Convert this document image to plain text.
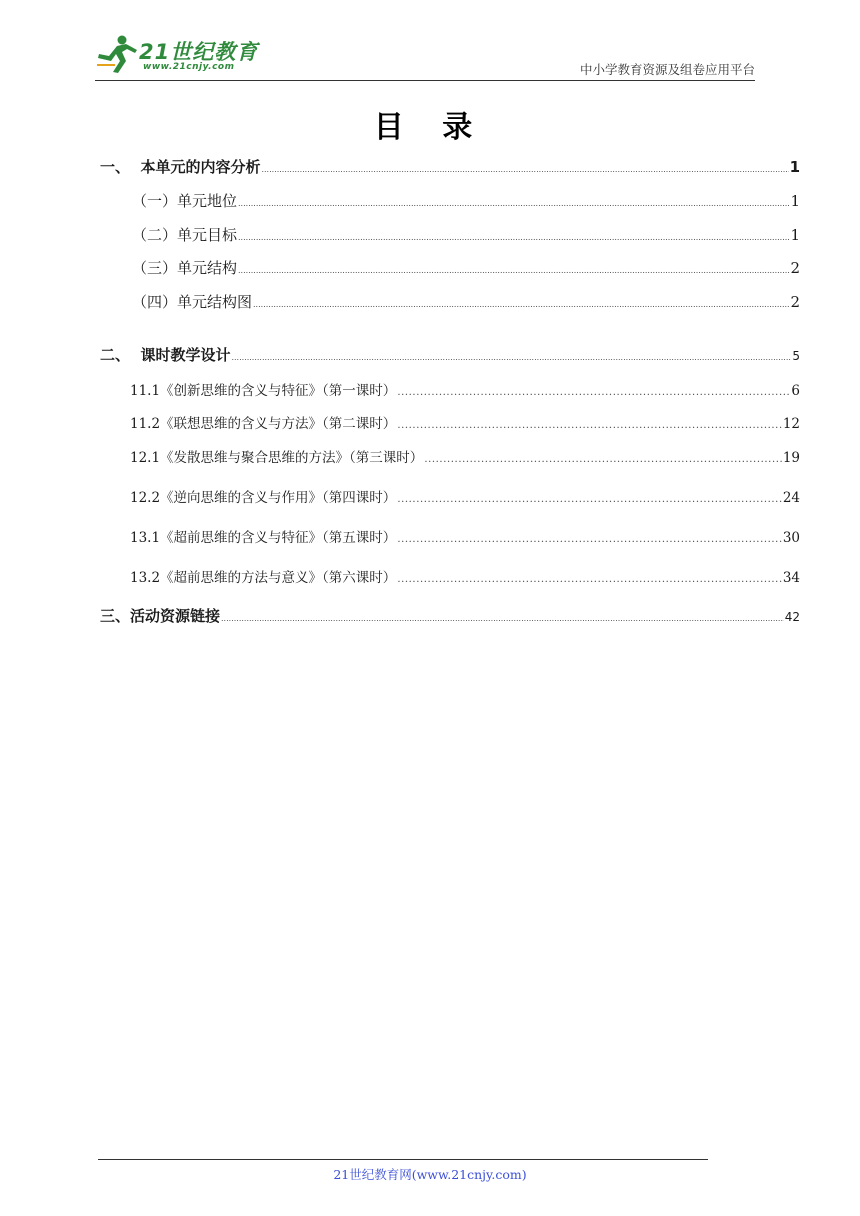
21世纪教育
www.21cnjy.com	中小学教育资源及组卷应用平台
目 录
一、  本单元的内容分析 .....	1
（一）单元地位 .....	1
（二）单元目标 .....	1
（三）单元结构 .....	2
（四）单元结构图 .....	2
二、  课时教学设计 .....	5
11.1《创新思维的含义与特征》（第一课时） .....	6
11.2《联想思维的含义与方法》（第二课时） .....	12
12.1《发散思维与聚合思维的方法》（第三课时） .....	19
12.2《逆向思维的含义与作用》（第四课时） .....	24
13.1《超前思维的含义与特征》（第五课时） .....	30
13.2《超前思维的方法与意义》（第六课时） .....	34
三、活动资源链接 .....	42
21世纪教育网(www.21cnjy.com)
